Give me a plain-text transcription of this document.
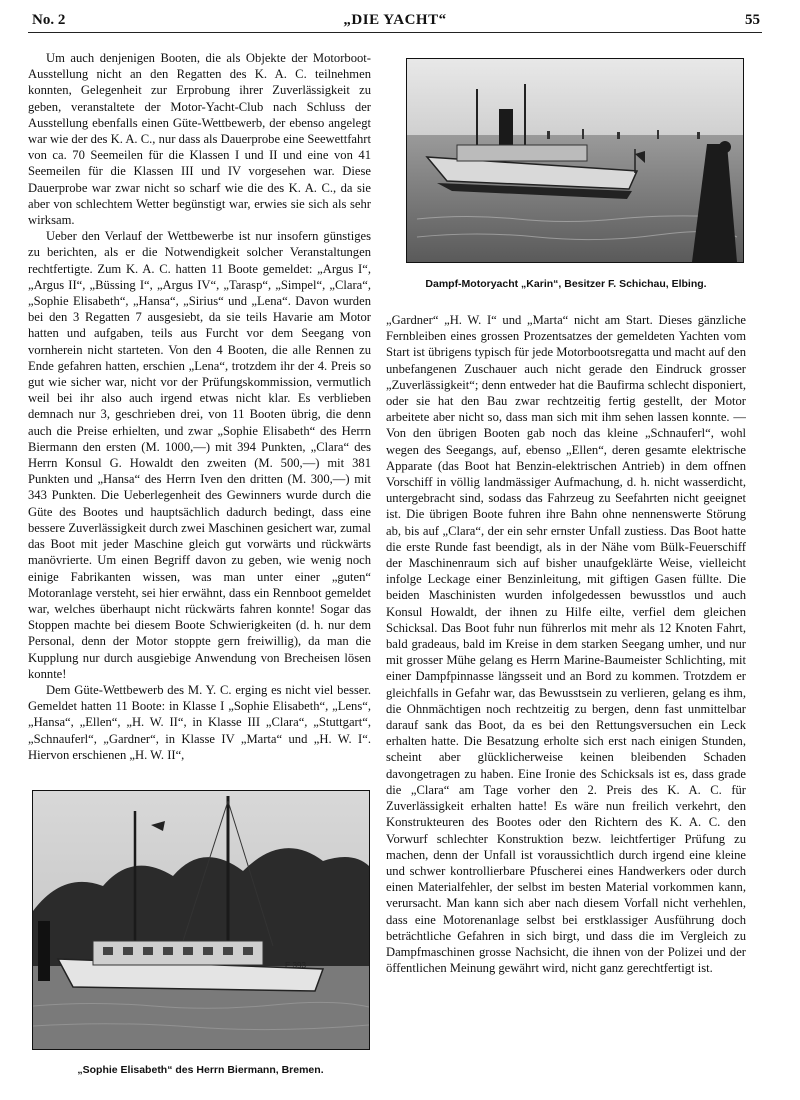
No. 2	„DIE YACHT“	55

Um auch denjenigen Booten, die als Objekte der Motorboot-Ausstellung nicht an den Regatten des K. A. C. teilnehmen konnten, Gelegenheit zur Erprobung ihrer Zuverlässigkeit zu geben, veranstaltete der Motor-Yacht-Club nach Schluss der Ausstellung ebenfalls einen Güte-Wettbewerb, der ebenso angelegt war wie der des K. A. C., nur dass als Dauerprobe eine Seewettfahrt von ca. 70 Seemeilen für die Klassen I und II und eine von 41 Seemeilen für die Klassen III und IV vorgesehen war. Diese Dauerprobe war zwar nicht so scharf wie die des K. A. C., da sie aber von schlechtem Wetter begünstigt war, erwies sie sich als sehr wirksam.

Ueber den Verlauf der Wettbewerbe ist nur insofern günstiges zu berichten, als er die Notwendigkeit solcher Veranstaltungen rechtfertigte. Zum K. A. C. hatten 11 Boote gemeldet: „Argus I“, „Argus II“, „Büssing I“, „Argus IV“, „Tarasp“, „Simpel“, „Clara“, „Sophie Elisabeth“, „Hansa“, „Sirius“ und „Lena“. Davon wurden bei den 3 Regatten 7 ausgesiebt, da sie teils Havarie am Motor hatten und aufgaben, teils aus Furcht vor dem Seegang von vornherein nicht starteten. Von den 4 Booten, die alle Rennen zu Ende gefahren hatten, erschien „Lena“, trotzdem ihr der 4. Preis so gut wie sicher war, nicht vor der Prüfungskommission, vermutlich weil bei ihr also auch irgend etwas nicht klar. Es verblieben demnach nur 3, geschrieben drei, von 11 Booten übrig, die denn auch die Preise erhielten, und zwar „Sophie Elisabeth“ des Herrn Biermann den ersten (M. 1000,—) mit 394 Punkten, „Clara“ des Herrn Konsul G. Howaldt den zweiten (M. 500,—) mit 381 Punkten und „Hansa“ des Herrn Iven den dritten (M. 300,—) mit 343 Punkten. Die Ueberlegenheit des Gewinners wurde durch die Güte des Bootes und hauptsächlich dadurch bedingt, dass eine bessere Zuverlässigkeit durch zwei Maschinen gesichert war, zumal das Boot mit jeder Maschine gleich gut vorwärts und rückwärts manövrierte. Um einen Begriff davon zu geben, wie wenig noch einige Fabrikanten wissen, was man unter einer „guten“ Motoranlage versteht, sei hier erwähnt, dass ein Rennboot gemeldet war, welches überhaupt nicht rückwärts fahren konnte! Sogar das Stoppen machte bei diesem Boote Schwierigkeiten (d. h. nur dem Personal, denn der Motor stoppte gern freiwillig), da man die Kupplung nur durch ausgiebige Anwendung von Brecheisen lösen konnte!

Dem Güte-Wettbewerb des M. Y. C. erging es nicht viel besser. Gemeldet hatten 11 Boote: in Klasse I „Sophie Elisabeth“, „Lens“, „Hansa“, „Ellen“, „H. W. II“, in Klasse III „Clara“, „Stuttgart“, „Schnauferl“, „Gardner“, in Klasse IV „Marta“ und „H. W. I“. Hiervon erschienen „H. W. II“,

Dampf-Motoryacht „Karin“, Besitzer F. Schichau, Elbing.

„Gardner“ „H. W. I“ und „Marta“ nicht am Start. Dieses gänzliche Fernbleiben eines grossen Prozentsatzes der gemeldeten Yachten vom Start ist übrigens typisch für jede Motorbootsregatta und macht auf den unbefangenen Zuschauer auch nicht gerade den Eindruck grosser „Zuverlässigkeit“; denn entweder hat die Baufirma schlecht disponiert, oder sie hat den Bau zwar rechtzeitig fertig gestellt, der Motor arbeitete aber nicht so, dass man sich mit ihm sehen lassen konnte. — Von den übrigen Booten gab noch das kleine „Schnauferl“, wohl wegen des Seegangs, auf, ebenso „Ellen“, deren gesamte elektrische Apparate (das Boot hat Benzin-elektrischen Antrieb) in dem offnen Vorschiff in völlig landmässiger Aufmachung, d. h. nicht wasserdicht, untergebracht sind, sodass das Fahrzeug zu Seefahrten nicht geeignet ist. Die übrigen Boote fuhren ihre Bahn ohne nennenswerte Störung ab, bis auf „Clara“, der ein sehr ernster Unfall zustiess. Das Boot hatte die erste Runde fast beendigt, als in der Nähe vom Bülk-Feuerschiff der Maschinenraum sich auf bisher unaufgeklärte Weise, vielleicht infolge Leckage einer Benzinleitung, mit giftigen Gasen füllte. Die beiden Maschinisten wurden infolgedessen bewusstlos und auch Konsul Howaldt, der ihnen zu Hilfe eilte, verfiel dem gleichen Schicksal. Das Boot fuhr nun führerlos mit mehr als 12 Knoten Fahrt, bald gradeaus, bald im Kreise in dem starken Seegang umher, und nur mit grosser Mühe gelang es Herrn Marine-Baumeister Schlichting, mit einer Dampfpinnasse längsseit und an Bord zu kommen. Trotzdem er gleichfalls in Gefahr war, das Bewusstsein zu verlieren, gelang es ihm, die Ohnmächtigen noch rechtzeitig zu bergen, denn fast unmittelbar darauf sank das Boot, da es bei den Rettungsversuchen ein Leck erhalten hatte. Die Besatzung erholte sich erst nach einigen Stunden, scheint aber glücklicherweise keinen bleibenden Schaden davongetragen zu haben. Eine Ironie des Schicksals ist es, dass grade die „Clara“ am Tage vorher den 2. Preis des K. A. C. für Zuverlässigkeit erhalten hatte! Es wäre nun freilich verkehrt, den Konstrukteuren des Bootes oder den Richtern des K. A. C. den Vorwurf schlechter Konstruktion bezw. leichtfertiger Prüfung zu machen, denn der Unfall ist voraussichtlich durch irgend eine kleine und schwer kontrollierbare Pfuscherei eines Handwerkers oder durch einen Materialfehler, der selbst im besten Material vorkommen kann, verursacht. Man kann sich aber nach diesem Vorfall nicht verhehlen, dass eine Motorenanlage selbst bei erstklassiger Ausführung doch beträchtliche Gefahren in sich birgt, und dass die im Vergleich zu Dampfmaschinen grosse Nachsicht, die ihnen von der Polizei und der öffentlichen Meinung gewährt wird, nicht ganz gerechtfertigt ist.

E 393
„Sophie Elisabeth“ des Herrn Biermann, Bremen.
